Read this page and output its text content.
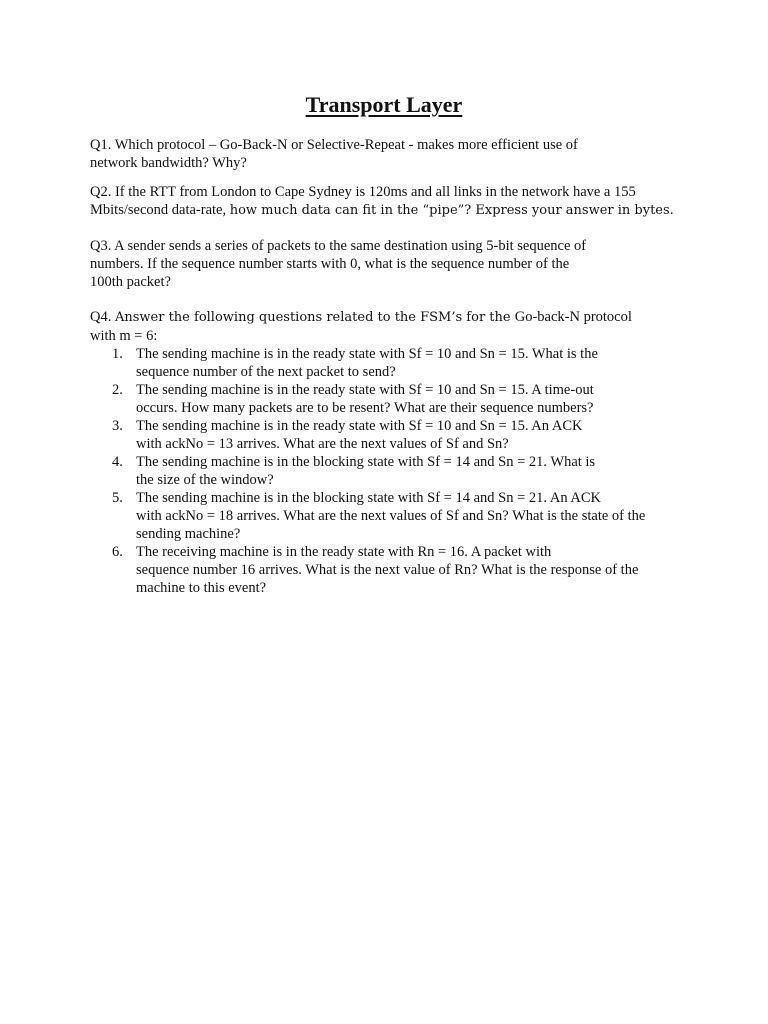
Transport Layer

Q1. Which protocol – Go-Back-N or Selective-Repeat - makes more efficient use of
network bandwidth? Why?

Q2. If the RTT from London to Cape Sydney is 120ms and all links in the network have a 155
Mbits/second data-rate, how much data can fit in the “pipe”? Express your answer in bytes.

Q3. A sender sends a series of packets to the same destination using 5-bit sequence of
numbers. If the sequence number starts with 0, what is the sequence number of the
100th packet?

Q4. Answer the following questions related to the FSM’s for the Go-back-N protocol
with m = 6:
1. The sending machine is in the ready state with Sf = 10 and Sn = 15. What is the
sequence number of the next packet to send?
2. The sending machine is in the ready state with Sf = 10 and Sn = 15. A time-out
occurs. How many packets are to be resent? What are their sequence numbers?
3. The sending machine is in the ready state with Sf = 10 and Sn = 15. An ACK
with ackNo = 13 arrives. What are the next values of Sf and Sn?
4. The sending machine is in the blocking state with Sf = 14 and Sn = 21. What is
the size of the window?
5. The sending machine is in the blocking state with Sf = 14 and Sn = 21. An ACK
with ackNo = 18 arrives. What are the next values of Sf and Sn? What is the state of the
sending machine?
6. The receiving machine is in the ready state with Rn = 16. A packet with
sequence number 16 arrives. What is the next value of Rn? What is the response of the
machine to this event?
